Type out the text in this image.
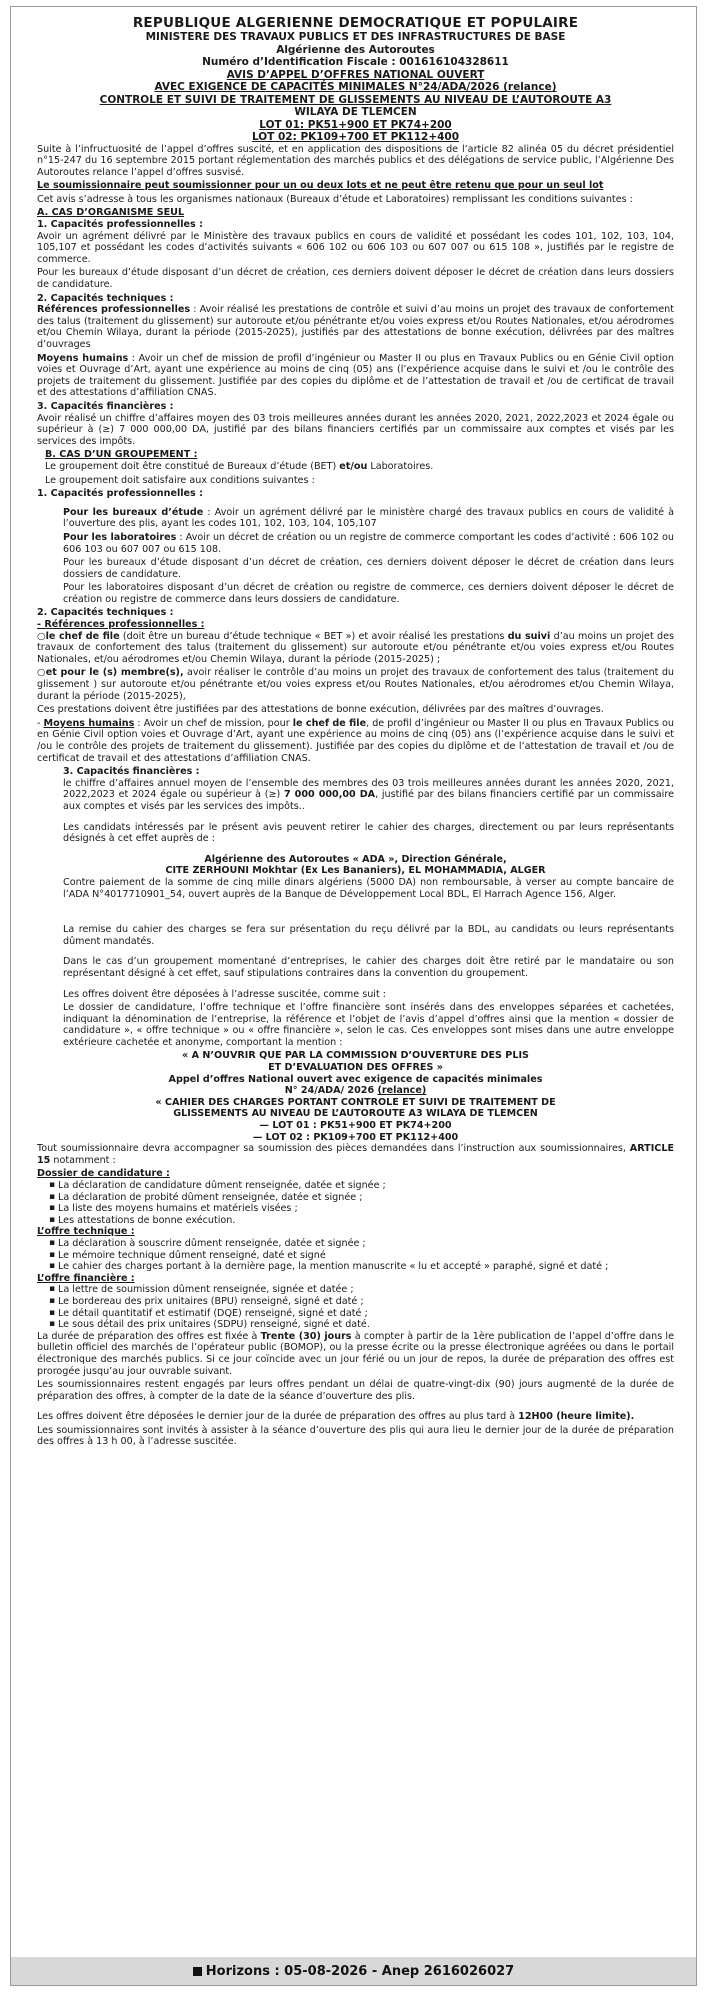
REPUBLIQUE ALGERIENNE DEMOCRATIQUE ET POPULAIRE
MINISTERE DES TRAVAUX PUBLICS ET DES INFRASTRUCTURES DE BASE
Algérienne des Autoroutes
Numéro d’Identification Fiscale : 001616104328611
AVIS D’APPEL D’OFFRES NATIONAL OUVERT
AVEC EXIGENCE DE CAPACITÉS MINIMALES N°24/ADA/2026 (relance)
CONTROLE ET SUIVI DE TRAITEMENT DE GLISSEMENTS AU NIVEAU DE L’AUTOROUTE A3
WILAYA DE TLEMCEN
LOT 01: PK51+900 ET PK74+200
LOT 02: PK109+700 ET PK112+400

Suite à l’infructuosité de l’appel d’offres suscité, et en application des dispositions de l’article 82 alinéa 05 du décret présidentiel n°15-247 du 16 septembre 2015 portant réglementation des marchés publics et des délégations de service public, l’Algérienne Des Autoroutes relance l’appel d’offres susvisé.

Le soumissionnaire peut soumissionner pour un ou deux lots et ne peut être retenu que pour un seul lot

Cet avis s’adresse à tous les organismes nationaux (Bureaux d’étude et Laboratoires) remplissant les conditions suivantes :

A. CAS D’ORGANISME SEUL
1. Capacités professionnelles :

Avoir un agrément délivré par le Ministère des travaux publics en cours de validité et possédant les codes 101, 102, 103, 104, 105,107 et possédant les codes d’activités suivants « 606 102 ou 606 103 ou 607 007 ou 615 108 », justifiés par le registre de commerce.

Pour les bureaux d’étude disposant d’un décret de création, ces derniers doivent déposer le décret de création dans leurs dossiers de candidature.

2. Capacités techniques :

Références professionnelles : Avoir réalisé les prestations de contrôle et suivi d’au moins un projet des travaux de confortement des talus (traitement du glissement) sur autoroute et/ou pénétrante et/ou voies express et/ou Routes Nationales, et/ou aérodromes et/ou Chemin Wilaya, durant la période (2015-2025), justifiés par des attestations de bonne exécution, délivrées par des maîtres d’ouvrages

Moyens humains : Avoir un chef de mission de profil d’ingénieur ou Master II ou plus en Travaux Publics ou en Génie Civil option voies et Ouvrage d’Art, ayant une expérience au moins de cinq (05) ans (l’expérience acquise dans le suivi et /ou le contrôle des projets de traitement du glissement. Justifiée par des copies du diplôme et de l’attestation de travail et /ou de certificat de travail et des attestations d’affiliation CNAS.

3. Capacités financières :

Avoir réalisé un chiffre d’affaires moyen des 03 trois meilleures années durant les années 2020, 2021, 2022,2023 et 2024 égale ou supérieur à (≥) 7 000 000,00 DA, justifié par des bilans financiers certifiés par un commissaire aux comptes et visés par les services des impôts.

B. CAS D’UN GROUPEMENT :

Le groupement doit être constitué de Bureaux d’étude (BET) et/ou Laboratoires.

Le groupement doit satisfaire aux conditions suivantes :

1. Capacités professionnelles :

Pour les bureaux d’étude : Avoir un agrément délivré par le ministère chargé des travaux publics en cours de validité à l’ouverture des plis, ayant les codes 101, 102, 103, 104, 105,107

Pour les laboratoires : Avoir un décret de création ou un registre de commerce comportant les codes d’activité : 606 102 ou 606 103 ou 607 007 ou 615 108.

Pour les bureaux d’étude disposant d’un décret de création, ces derniers doivent déposer le décret de création dans leurs dossiers de candidature.

Pour les laboratoires disposant d’un décret de création ou registre de commerce, ces derniers doivent déposer le décret de création ou registre de commerce dans leurs dossiers de candidature.

2. Capacités techniques :
- Références professionnelles :

○le chef de file (doit être un bureau d’étude technique « BET ») et avoir réalisé les prestations du suivi d’au moins un projet des travaux de confortement des talus (traitement du glissement) sur autoroute et/ou pénétrante et/ou voies express et/ou Routes Nationales, et/ou aérodromes et/ou Chemin Wilaya, durant la période (2015-2025) ;

○et pour le (s) membre(s), avoir réaliser le contrôle d’au moins un projet des travaux de confortement des talus (traitement du glissement ) sur autoroute et/ou pénétrante et/ou voies express et/ou Routes Nationales, et/ou aérodromes et/ou Chemin Wilaya, durant la période (2015-2025),

Ces prestations doivent être justifiées par des attestations de bonne exécution, délivrées par des maîtres d’ouvrages.

- Moyens humains : Avoir un chef de mission, pour le chef de file, de profil d’ingénieur ou Master II ou plus en Travaux Publics ou en Génie Civil option voies et Ouvrage d’Art, ayant une expérience au moins de cinq (05) ans (l’expérience acquise dans le suivi et /ou le contrôle des projets de traitement du glissement). Justifiée par des copies du diplôme et de l’attestation de travail et /ou de certificat de travail et des attestations d’affiliation CNAS.

3. Capacités financières :

le chiffre d’affaires annuel moyen de l’ensemble des membres des 03 trois meilleures années durant les années 2020, 2021, 2022,2023 et 2024 égale ou supérieur à (≥) 7 000 000,00 DA, justifié par des bilans financiers certifié par un commissaire aux comptes et visés par les services des impôts..

Les candidats intéressés par le présent avis peuvent retirer le cahier des charges, directement ou par leurs représentants désignés à cet effet auprès de :

Algérienne des Autoroutes « ADA », Direction Générale,
CITE ZERHOUNI Mokhtar (Ex Les Bananiers), EL MOHAMMADIA, ALGER

Contre paiement de la somme de cinq mille dinars algériens (5000 DA) non remboursable, à verser au compte bancaire de l’ADA N°4017710901_54, ouvert auprès de la Banque de Développement Local BDL, El Harrach Agence 156, Alger.

La remise du cahier des charges se fera sur présentation du reçu délivré par la BDL, au candidats ou leurs représentants dûment mandatés.

Dans le cas d’un groupement momentané d’entreprises, le cahier des charges doit être retiré par le mandataire ou son représentant désigné à cet effet, sauf stipulations contraires dans la convention du groupement.

Les offres doivent être déposées à l’adresse suscitée, comme suit :

Le dossier de candidature, l’offre technique et l’offre financière sont insérés dans des enveloppes séparées et cachetées, indiquant la dénomination de l’entreprise, la référence et l’objet de l’avis d’appel d’offres ainsi que la mention « dossier de candidature », « offre technique » ou « offre financière », selon le cas. Ces enveloppes sont mises dans une autre enveloppe extérieure cachetée et anonyme, comportant la mention :

« A N’OUVRIR QUE PAR LA COMMISSION D’OUVERTURE DES PLIS
ET D’EVALUATION DES OFFRES »
Appel d’offres National ouvert avec exigence de capacités minimales
N° 24/ADA/ 2026 (relance)
« CAHIER DES CHARGES PORTANT CONTROLE ET SUIVI DE TRAITEMENT DE
GLISSEMENTS AU NIVEAU DE L’AUTOROUTE A3 WILAYA DE TLEMCEN
— LOT 01 : PK51+900 ET PK74+200
— LOT 02 : PK109+700 ET PK112+400

Tout soumissionnaire devra accompagner sa soumission des pièces demandées dans l’instruction aux soumissionnaires, ARTICLE 15 notamment :

Dossier de candidature :
▪ La déclaration de candidature dûment renseignée, datée et signée ;
▪ La déclaration de probité dûment renseignée, datée et signée ;
▪ La liste des moyens humains et matériels visées ;
▪ Les attestations de bonne exécution.
L’offre technique :
▪ La déclaration à souscrire dûment renseignée, datée et signée ;
▪ Le mémoire technique dûment renseigné, daté et signé
▪ Le cahier des charges portant à la dernière page, la mention manuscrite « lu et accepté » paraphé, signé et daté ;
L’offre financière :
▪ La lettre de soumission dûment renseignée, signée et datée ;
▪ Le bordereau des prix unitaires (BPU) renseigné, signé et daté ;
▪ Le détail quantitatif et estimatif (DQE) renseigné, signé et daté ;
▪ Le sous détail des prix unitaires (SDPU) renseigné, signé et daté.

La durée de préparation des offres est fixée à Trente (30) jours à compter à partir de la 1ère publication de l’appel d’offre dans le bulletin officiel des marchés de l’opérateur public (BOMOP), ou la presse écrite ou la presse électronique agréées ou dans le portail électronique des marchés publics. Si ce jour coïncide avec un jour férié ou un jour de repos, la durée de préparation des offres est prorogée jusqu’au jour ouvrable suivant.

Les soumissionnaires restent engagés par leurs offres pendant un délai de quatre-vingt-dix (90) jours augmenté de la durée de préparation des offres, à compter de la date de la séance d’ouverture des plis.

Les offres doivent être déposées le dernier jour de la durée de préparation des offres au plus tard à 12H00 (heure limite).

Les soumissionnaires sont invités à assister à la séance d’ouverture des plis qui aura lieu le dernier jour de la durée de préparation des offres à 13 h 00, à l’adresse suscitée.

Horizons : 05-08-2026 - Anep 2616026027
